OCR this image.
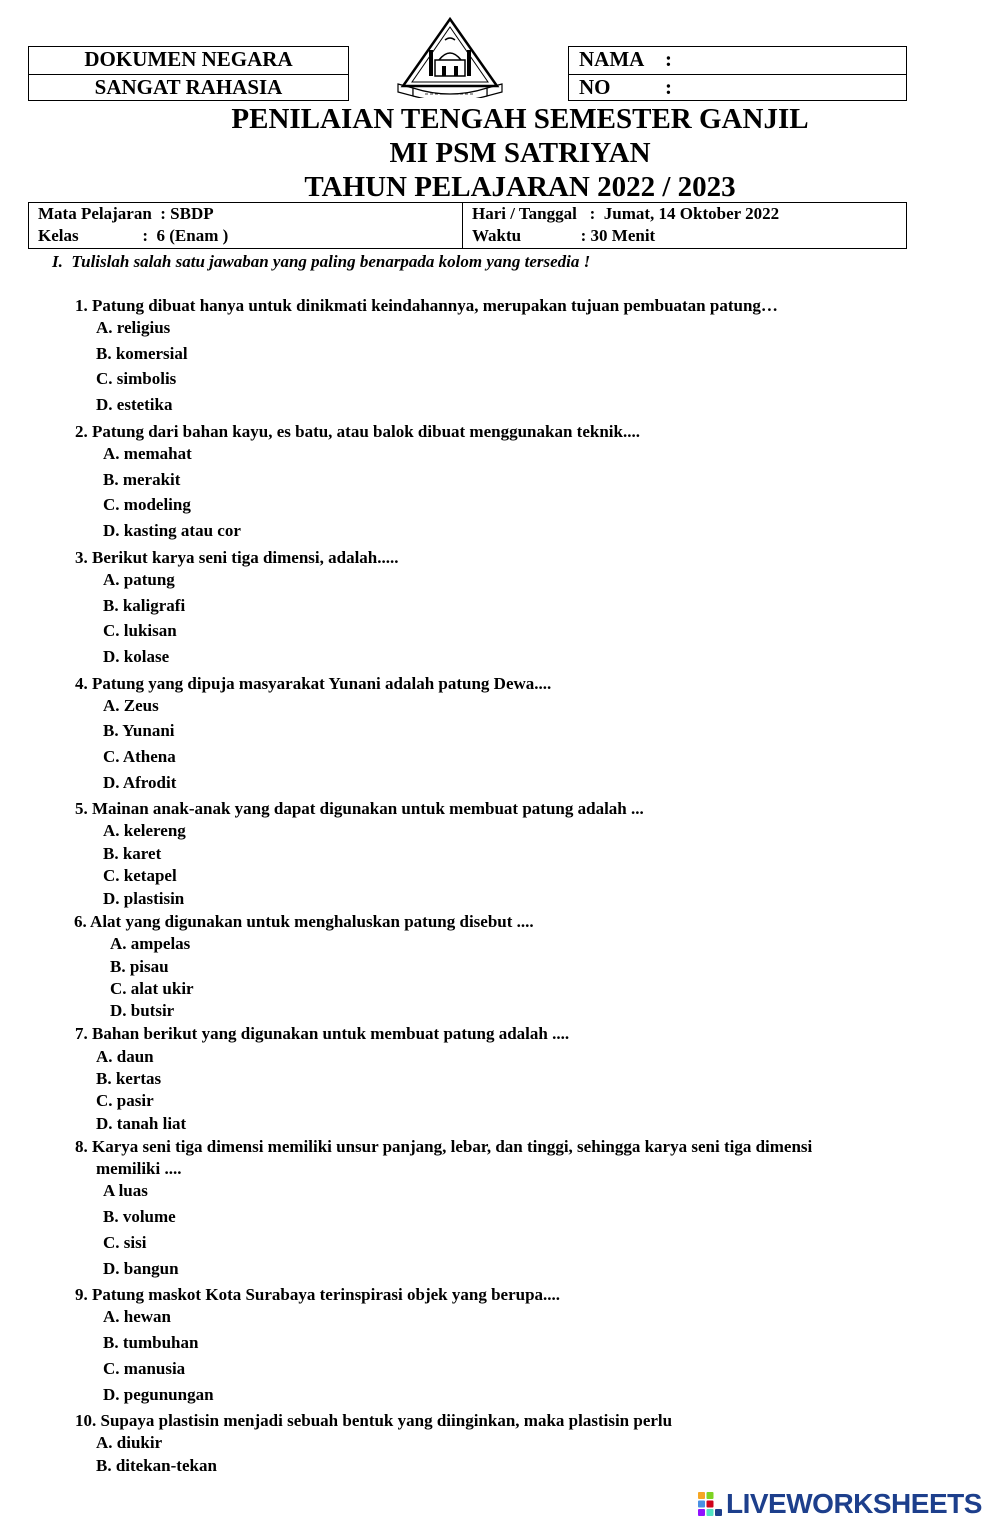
DOKUMEN NEGARA
SANGAT RAHASIA
NAMA :
NO	:
PENILAIAN TENGAH SEMESTER GANJIL
MI PSM SATRIYAN
TAHUN PELAJARAN 2022 / 2023
Mata Pelajaran  : SBDP
Kelas               :  6 (Enam )
Hari / Tanggal   :  Jumat, 14 Oktober 2022
Waktu              : 30 Menit
I.  Tulislah salah satu jawaban yang paling benarpada kolom yang tersedia !
1. Patung dibuat hanya untuk dinikmati keindahannya, merupakan tujuan pembuatan patung…
A. religius
B. komersial
C. simbolis
D. estetika
2. Patung dari bahan kayu, es batu, atau balok dibuat menggunakan teknik....
A. memahat
B. merakit
C. modeling
D. kasting atau cor
3. Berikut karya seni tiga dimensi, adalah.....
A. patung
B. kaligrafi
C. lukisan
D. kolase
4. Patung yang dipuja masyarakat Yunani adalah patung Dewa....
A. Zeus
B. Yunani
C. Athena
D. Afrodit
5. Mainan anak-anak yang dapat digunakan untuk membuat patung adalah ...
A. kelereng
B. karet
C. ketapel
D. plastisin
6. Alat yang digunakan untuk menghaluskan patung disebut ....
A. ampelas
B. pisau
C. alat ukir
D. butsir
7. Bahan berikut yang digunakan untuk membuat patung adalah ....
A. daun
B. kertas
C. pasir
D. tanah liat
8. Karya seni tiga dimensi memiliki unsur panjang, lebar, dan tinggi, sehingga karya seni tiga dimensi
memiliki ....
A luas
B. volume
C. sisi
D. bangun
9. Patung maskot Kota Surabaya terinspirasi objek yang berupa....
A. hewan
B. tumbuhan
C. manusia
D. pegunungan
10. Supaya plastisin menjadi sebuah bentuk yang diinginkan, maka plastisin perlu
A. diukir
B. ditekan-tekan
LIVEWORKSHEETS
